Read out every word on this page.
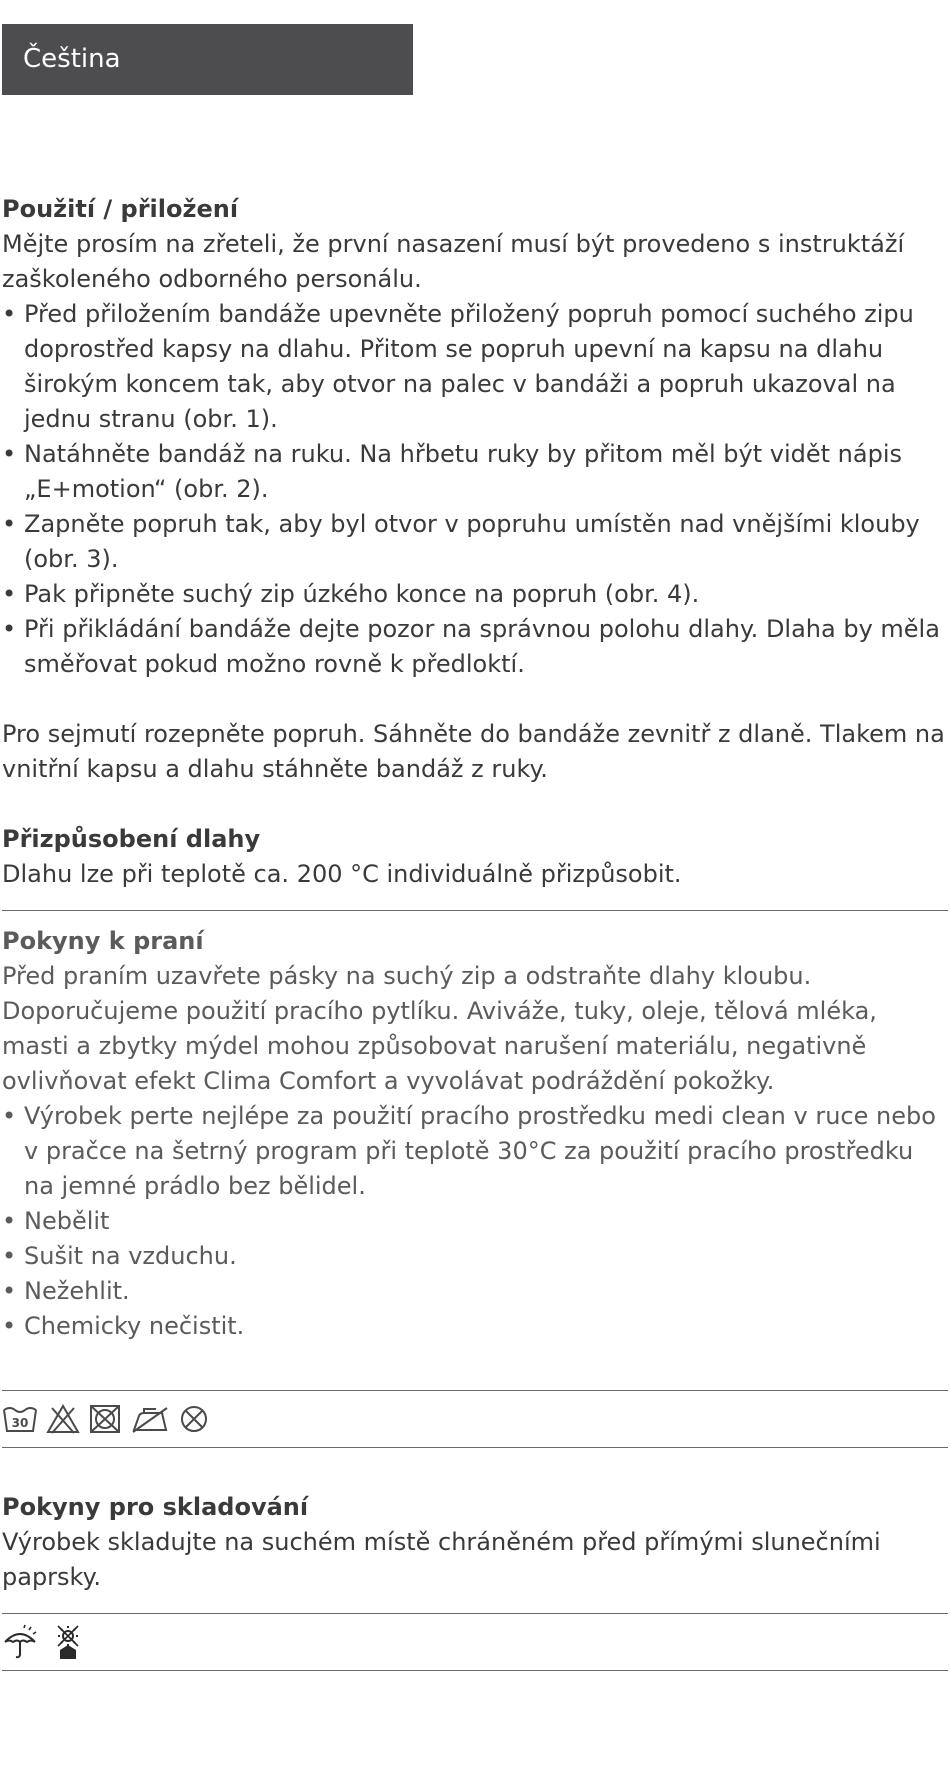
Čeština

Použití / přiložení

Mějte prosím na zřeteli, že první nasazení musí být provedeno s instruktáží zaškoleného odborného personálu.

• Před přiložením bandáže upevněte přiložený popruh pomocí suchého zipu doprostřed kapsy na dlahu. Přitom se popruh upevní na kapsu na dlahu širokým koncem tak, aby otvor na palec v bandáži a popruh ukazoval na jednu stranu (obr. 1).
• Natáhněte bandáž na ruku. Na hřbetu ruky by přitom měl být vidět nápis „E+motion“ (obr. 2).
• Zapněte popruh tak, aby byl otvor v popruhu umístěn nad vnějšími klouby (obr. 3).
• Pak připněte suchý zip úzkého konce na popruh (obr. 4).
• Při přikládání bandáže dejte pozor na správnou polohu dlahy. Dlaha by měla směřovat pokud možno rovně k předloktí.

Pro sejmutí rozepněte popruh. Sáhněte do bandáže zevnitř z dlaně. Tlakem na vnitřní kapsu a dlahu stáhněte bandáž z ruky.

Přizpůsobení dlahy

Dlahu lze při teplotě ca. 200 °C individuálně přizpůsobit.

Pokyny k praní

Před praním uzavřete pásky na suchý zip a odstraňte dlahy kloubu. Doporučujeme použití pracího pytlíku. Aviváže, tuky, oleje, tělová mléka, masti a zbytky mýdel mohou způsobovat narušení materiálu, negativně ovlivňovat efekt Clima Comfort a vyvolávat podráždění pokožky.

• Výrobek perte nejlépe za použití pracího prostředku medi clean v ruce nebo v pračce na šetrný program při teplotě 30°C za použití pracího prostředku na jemné prádlo bez bělidel.
• Nebělit
• Sušit na vzduchu.
• Nežehlit.
• Chemicky nečistit.
30

Pokyny pro skladování

Výrobek skladujte na suchém místě chráněném před přímými slunečními paprsky.
